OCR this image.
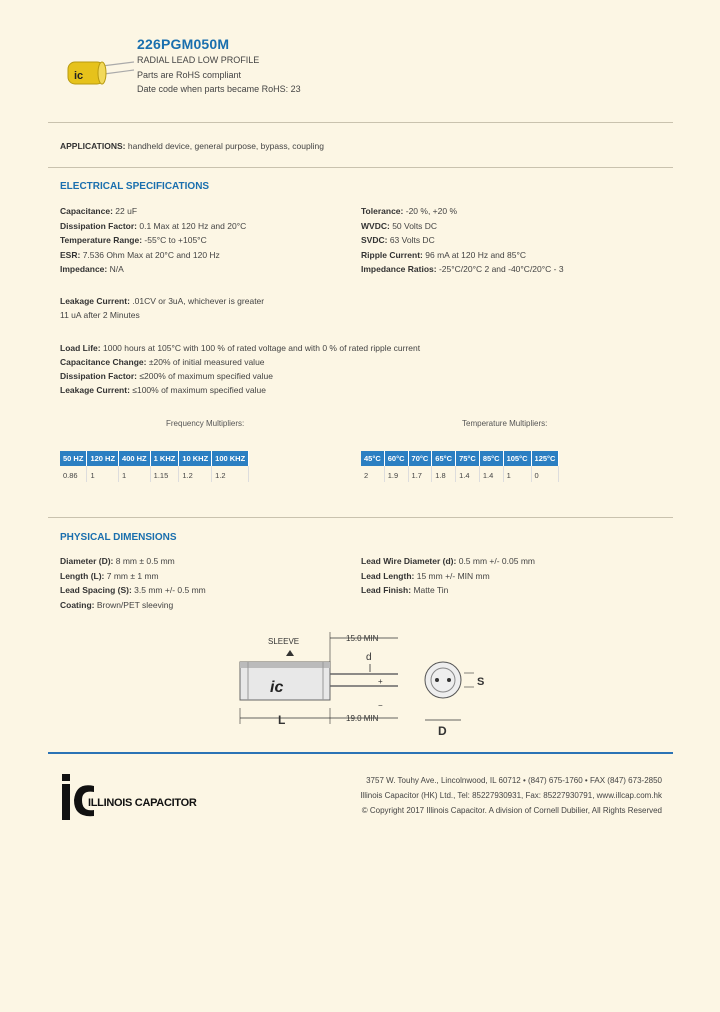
ic
226PGM050M
RADIAL LEAD LOW PROFILE
Parts are RoHS compliant
Date code when parts became RoHS: 23
APPLICATIONS: handheld device, general purpose, bypass, coupling
ELECTRICAL SPECIFICATIONS
Capacitance: 22 uF
Dissipation Factor: 0.1 Max at 120 Hz and 20°C
Temperature Range: -55°C to +105°C
ESR: 7.536 Ohm Max at 20°C and 120 Hz
Impedance: N/A
Tolerance: -20 %, +20 %
WVDC: 50 Volts DC
SVDC: 63 Volts DC
Ripple Current: 96 mA at 120 Hz and 85°C
Impedance Ratios: -25°C/20°C 2 and -40°C/20°C - 3
Leakage Current: .01CV or 3uA, whichever is greater
11 uA after 2 Minutes
Load Life: 1000 hours at 105°C with 100 % of rated voltage and with 0 % of rated ripple current
Capacitance Change: ±20% of initial measured value
Dissipation Factor: ≤200% of maximum specified value
Leakage Current: ≤100% of maximum specified value
Frequency Multipliers:	Temperature Multipliers:
50 HZ	120 HZ	400 HZ	1 KHZ	10 KHZ	100 KHZ
0.86	1	1	1.15	1.2	1.2
45°C	60°C	70°C	65°C	75°C	85°C	105°C	125°C
2	1.9	1.7	1.8	1.4	1.4	1	0
PHYSICAL DIMENSIONS
Diameter (D): 8 mm ± 0.5 mm
Length (L): 7 mm ± 1 mm
Lead Spacing (S): 3.5 mm +/- 0.5 mm
Coating: Brown/PET sleeving
Lead Wire Diameter (d): 0.5 mm +/- 0.05 mm
Lead Length: 15 mm +/- MIN mm
Lead Finish: Matte Tin
ic
SLEEVE	15.0 MIN
d
L	19.0 MIN
+
−
S
D
ILLINOIS CAPACITOR
3757 W. Touhy Ave., Lincolnwood, IL 60712 • (847) 675-1760 • FAX (847) 673-2850
Illinois Capacitor (HK) Ltd., Tel: 85227930931, Fax: 85227930791, www.illcap.com.hk
© Copyright 2017 Illinois Capacitor. A division of Cornell Dubilier, All Rights Reserved
